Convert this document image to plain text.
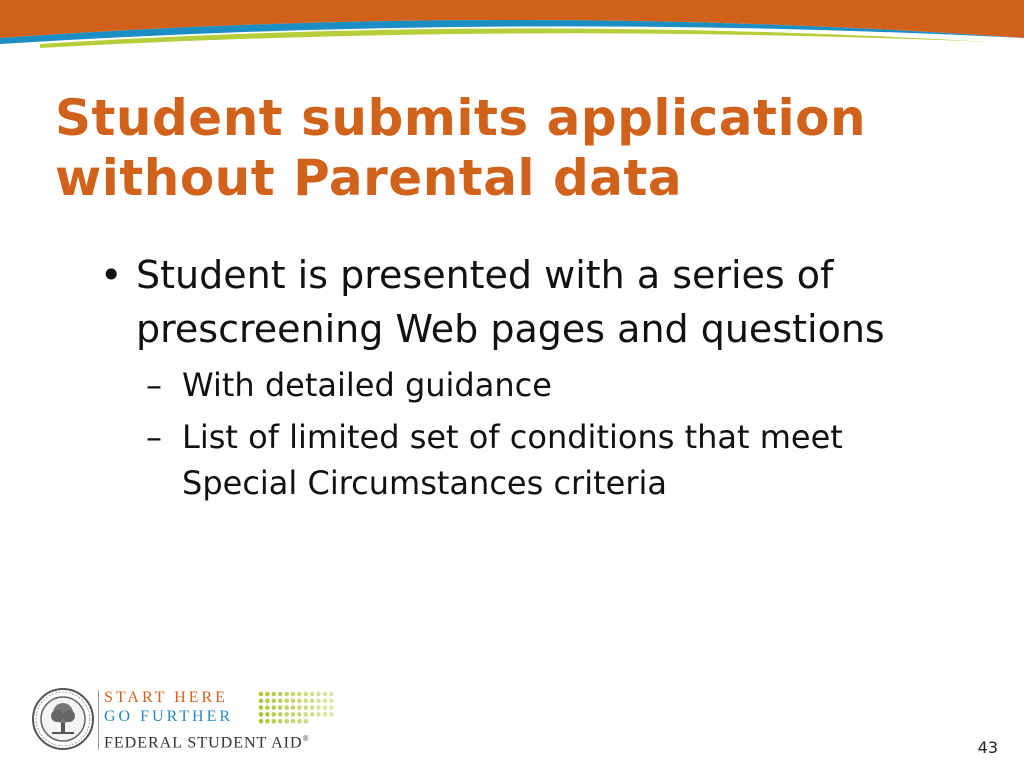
Student submits application
without Parental data
• Student is presented with a series of prescreening Web pages and questions
– With detailed guidance
– List of limited set of conditions that meet Special Circumstances criteria
START HERE
GO FURTHER
FEDERAL STUDENT AID®	43
